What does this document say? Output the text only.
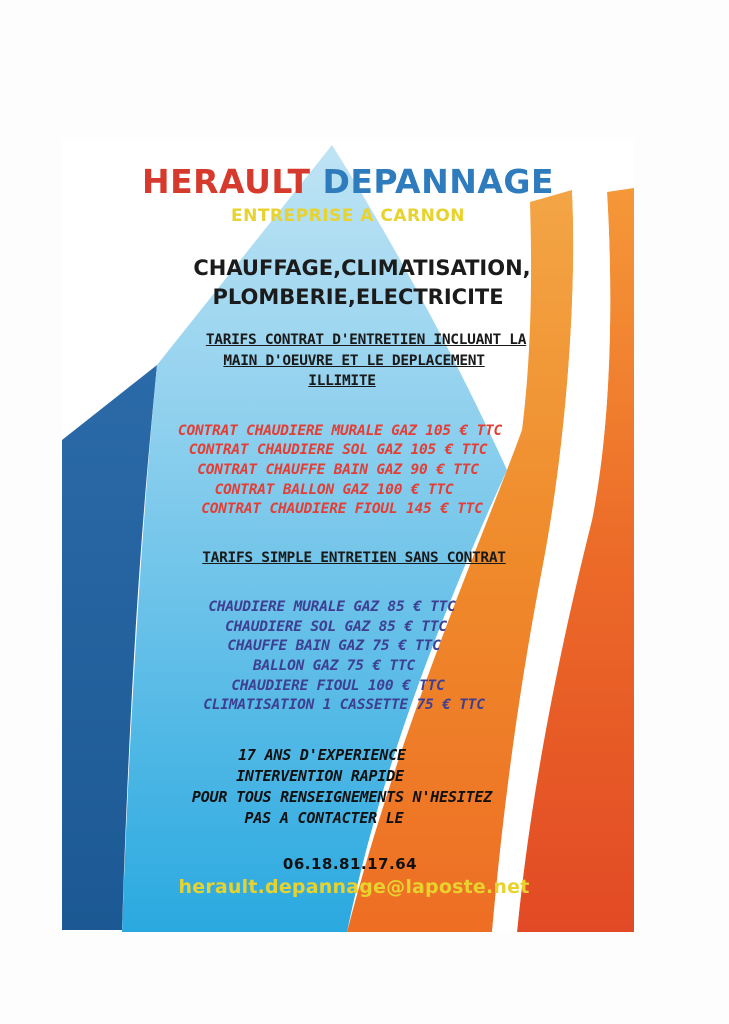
HERAULT DEPANNAGE

ENTREPRISE A CARNON

CHAUFFAGE,CLIMATISATION,

PLOMBERIE,ELECTRICITE

TARIFS CONTRAT D'ENTRETIEN INCLUANT LA

MAIN D'OEUVRE ET LE DEPLACEMENT

ILLIMITE

CONTRAT CHAUDIERE MURALE GAZ 105 € TTC

CONTRAT CHAUDIERE SOL GAZ 105 € TTC

CONTRAT CHAUFFE BAIN GAZ 90 € TTC

CONTRAT BALLON GAZ 100 € TTC

CONTRAT CHAUDIERE FIOUL 145 € TTC

TARIFS SIMPLE ENTRETIEN SANS CONTRAT

CHAUDIERE MURALE GAZ 85 € TTC

CHAUDIERE SOL GAZ 85 € TTC

CHAUFFE BAIN GAZ 75 € TTC

BALLON GAZ 75 € TTC

CHAUDIERE FIOUL 100 € TTC

CLIMATISATION 1 CASSETTE 75 € TTC

17 ANS D'EXPERIENCE

INTERVENTION RAPIDE

POUR TOUS RENSEIGNEMENTS N'HESITEZ

PAS A CONTACTER LE

06.18.81.17.64

herault.depannage@laposte.net
